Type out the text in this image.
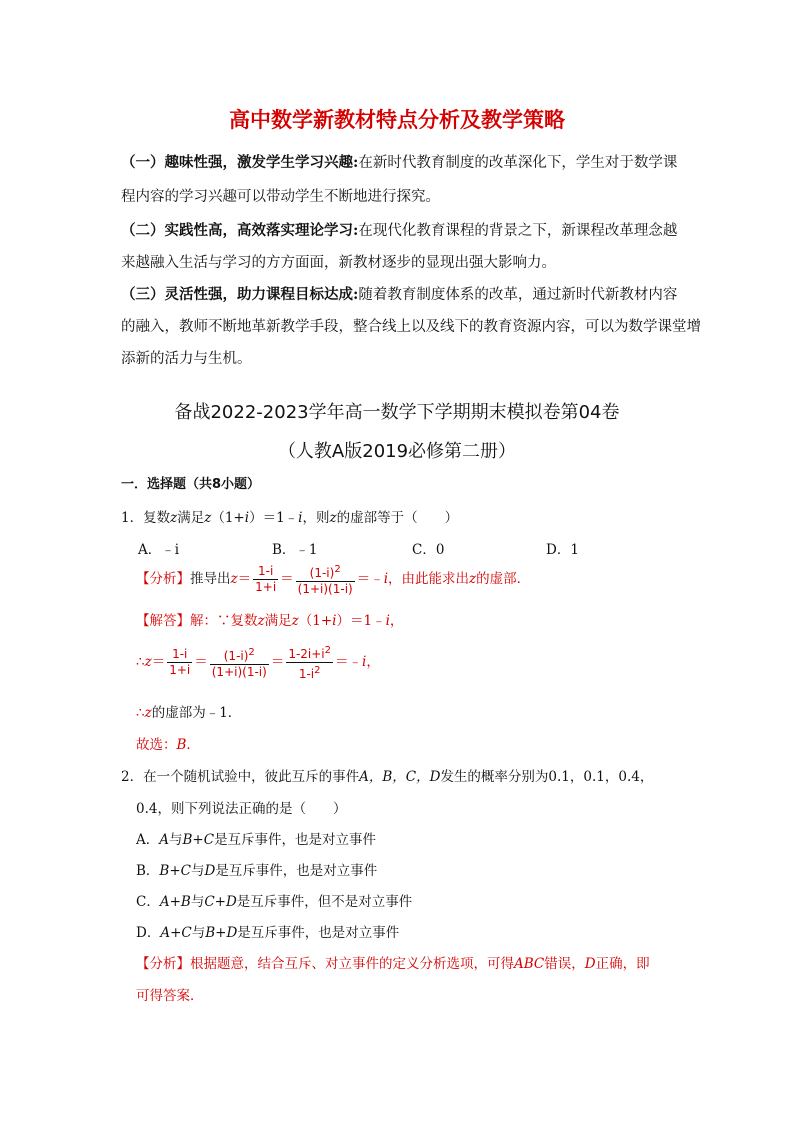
高中数学新教材特点分析及教学策略
（一）趣味性强，激发学生学习兴趣:在新时代教育制度的改革深化下，学生对于数学课
程内容的学习兴趣可以带动学生不断地进行探究。
（二）实践性高，高效落实理论学习:在现代化教育课程的背景之下，新课程改革理念越
来越融入生活与学习的方方面面，新教材逐步的显现出强大影响力。
（三）灵活性强，助力课程目标达成:随着教育制度体系的改革，通过新时代新教材内容
的融入，教师不断地革新教学手段，整合线上以及线下的教育资源内容，可以为数学课堂增
添新的活力与生机。
备战2022-2023学年高一数学下学期期末模拟卷第04卷
（人教A版2019必修第二册）
一．选择题（共8小题）
1．复数z满足z（1+i）＝1﹣i，则z的虚部等于（　　）
A．﹣i	B．﹣1	C．0	D．1
【分析】推导出$z= \frac{1-i}{1+i} = \frac{(1-i)^2}{(1+i)(1-i)}$ ＝﹣i，由此能求出z的虚部．
【解答】解：∵复数z满足z（1+i）＝1﹣i，
∴z＝ $\frac{1-i}{1+i} = \frac{(1-i)^2}{(1+i)(1-i)} = \frac{1-2i+i^2}{1-i^2}$ ＝﹣i，
∴z的虚部为﹣1．
故选：B．
2．在一个随机试验中，彼此互斥的事件A，B，C，D发生的概率分别为0.1，0.1，0.4，
0.4，则下列说法正确的是（　　）
A．A与B+C是互斥事件，也是对立事件
B．B+C与D是互斥事件，也是对立事件
C．A+B与C+D是互斥事件，但不是对立事件
D．A+C与B+D是互斥事件，也是对立事件
【分析】根据题意，结合互斥、对立事件的定义分析选项，可得ABC错误，D正确，即
可得答案．
